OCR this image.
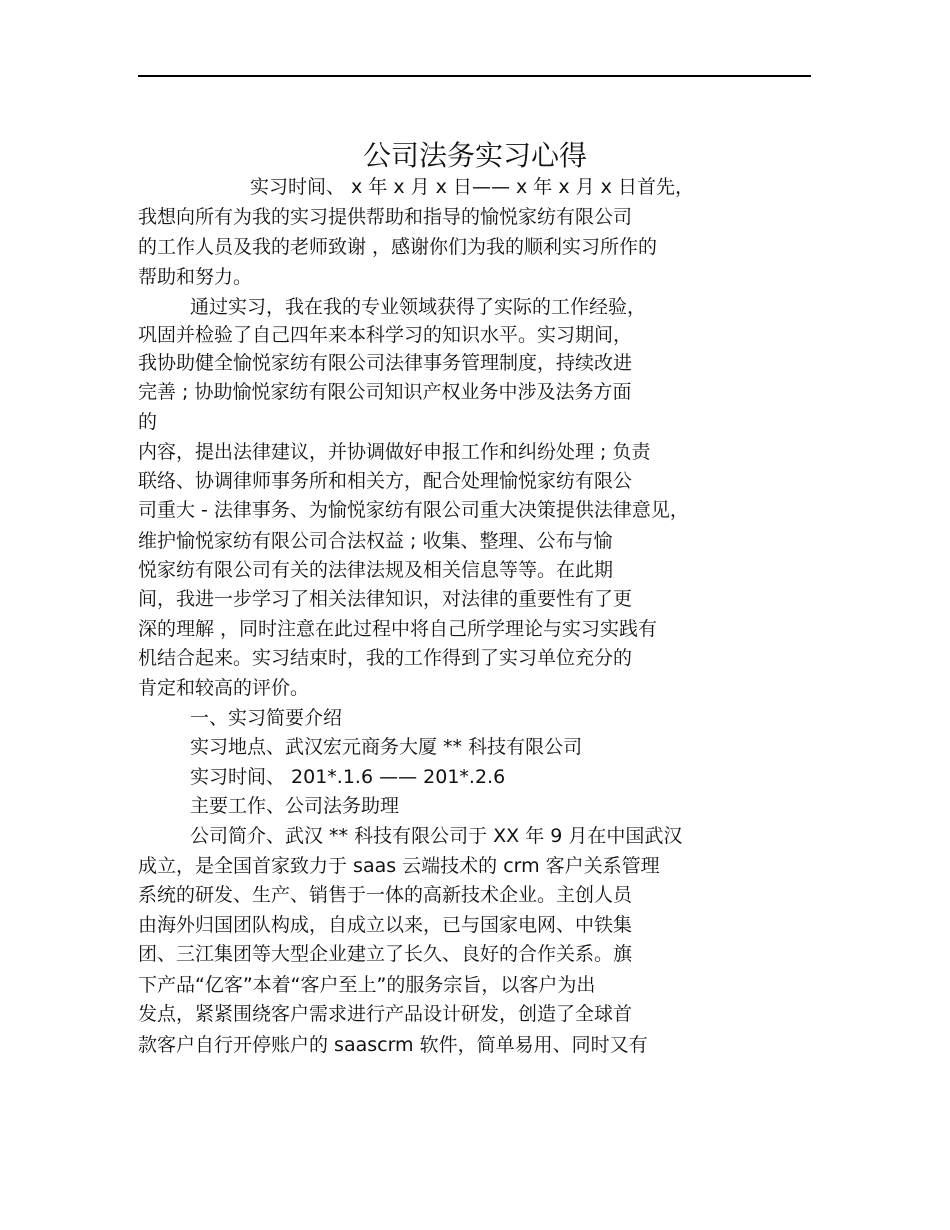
公司法务实习心得
实习时间、 x 年 x 月 x 日—— x 年 x 月 x 日首先，
我想向所有为我的实习提供帮助和指导的愉悦家纺有限公司
的工作人员及我的老师致谢 ，感谢你们为我的顺利实习所作的
帮助和努力。
通过实习，我在我的专业领域获得了实际的工作经验，
巩固并检验了自己四年来本科学习的知识水平。实习期间，
我协助健全愉悦家纺有限公司法律事务管理制度，持续改进
完善 ; 协助愉悦家纺有限公司知识产权业务中涉及法务方面
的
内容，提出法律建议，并协调做好申报工作和纠纷处理 ; 负责
联络、协调律师事务所和相关方，配合处理愉悦家纺有限公
司重大 - 法律事务、为愉悦家纺有限公司重大决策提供法律意见，
维护愉悦家纺有限公司合法权益 ; 收集、整理、公布与愉
悦家纺有限公司有关的法律法规及相关信息等等。在此期
间，我进一步学习了相关法律知识，对法律的重要性有了更
深的理解 ，同时注意在此过程中将自己所学理论与实习实践有
机结合起来。实习结束时，我的工作得到了实习单位充分的
肯定和较高的评价。
一、实习简要介绍
实习地点、武汉宏元商务大厦 ** 科技有限公司
实习时间、 201*.1.6 —— 201*.2.6
主要工作、公司法务助理
公司简介、武汉 ** 科技有限公司于 XX 年 9 月在中国武汉
成立，是全国首家致力于 saas 云端技术的 crm 客户关系管理
系统的研发、生产、销售于一体的高新技术企业。主创人员
由海外归国团队构成，自成立以来，已与国家电网、中铁集
团、三江集团等大型企业建立了长久、良好的合作关系。旗
下产品“亿客”本着“客户至上”的服务宗旨，以客户为出
发点，紧紧围绕客户需求进行产品设计研发，创造了全球首
款客户自行开停账户的 saascrm 软件，简单易用、同时又有
